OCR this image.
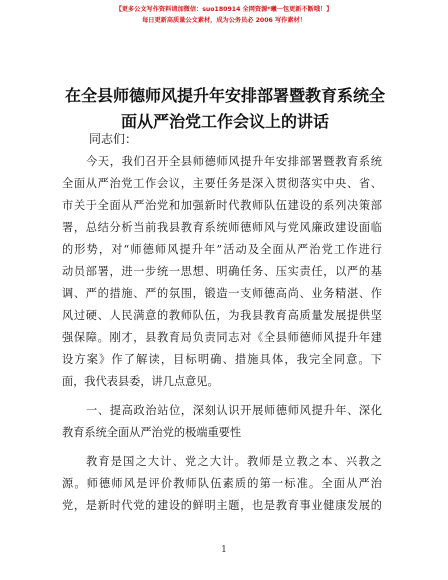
【更多公文写作资料请加微信：suo180914 全网资源*曦一包更新不断哦！】
每日更新高质量公文素材，成为公务员必 2006 写作素材！
在全县师德师风提升年安排部署暨教育系统全
面从严治党工作会议上的讲话
同志们：
今天，我们召开全县师德师风提升年安排部署暨教育系统
全面从严治党工作会议，主要任务是深入贯彻落实中央、省、
市关于全面从严治党和加强新时代教师队伍建设的系列决策部
署，总结分析当前我县教育系统师德师风与党风廉政建设面临
的形势，对“师德师风提升年”活动及全面从严治党工作进行
动员部署，进一步统一思想、明确任务、压实责任，以严的基
调、严的措施、严的氛围，锻造一支师德高尚、业务精湛、作
风过硬、人民满意的教师队伍，为我县教育高质量发展提供坚
强保障。刚才，县教育局负责同志对《全县师德师风提升年建
设方案》作了解读，目标明确、措施具体，我完全同意。下
面，我代表县委，讲几点意见。
一、提高政治站位，深刻认识开展师德师风提升年、深化
教育系统全面从严治党的极端重要性
教育是国之大计、党之大计。教师是立教之本、兴教之
源。师德师风是评价教师队伍素质的第一标准。全面从严治
党，是新时代党的建设的鲜明主题，也是教育事业健康发展的
1
